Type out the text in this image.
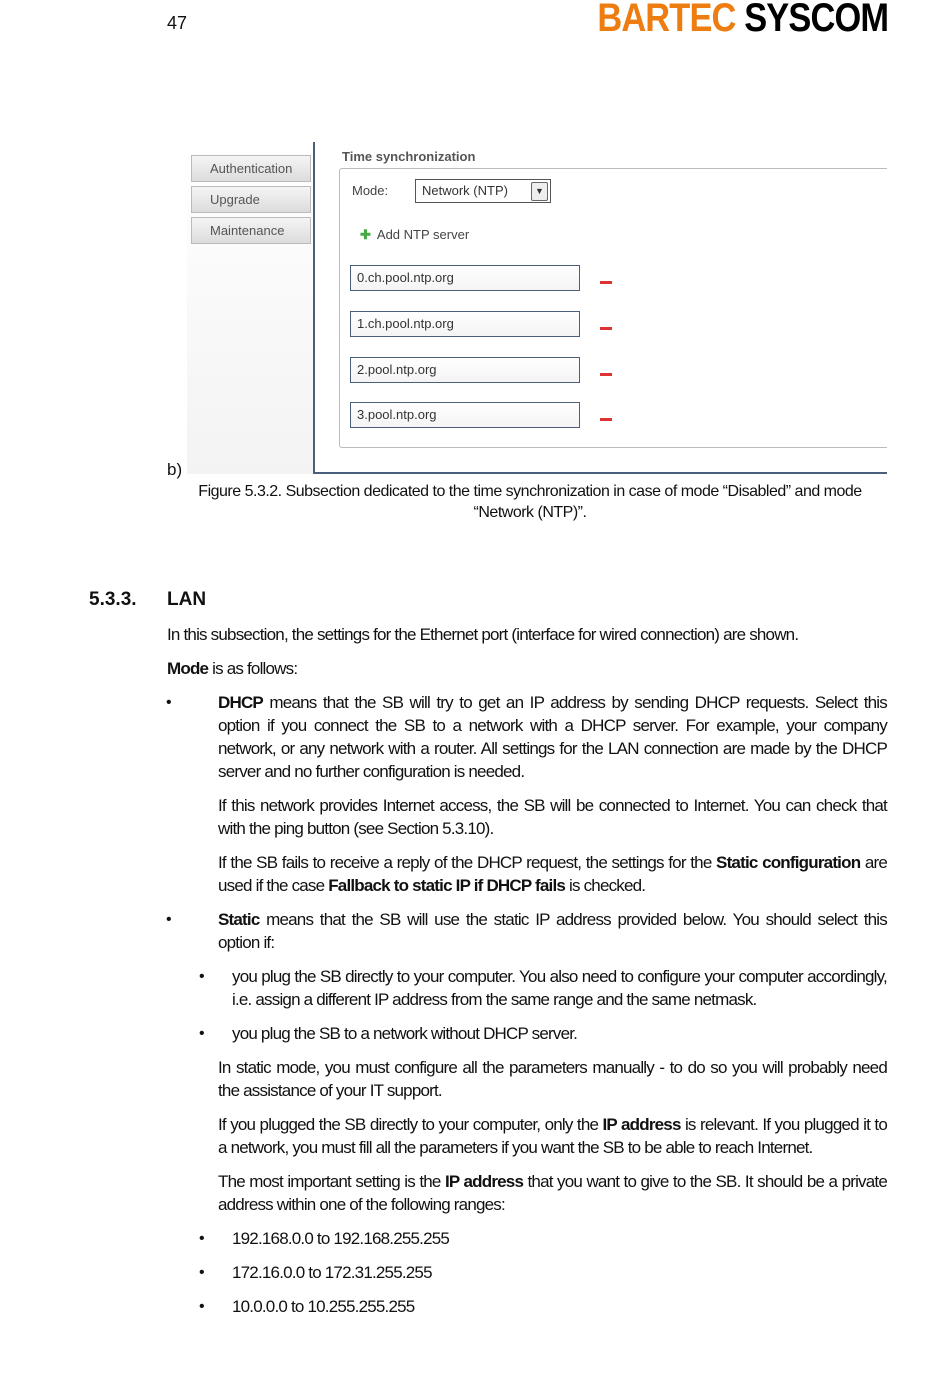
47	BARTEC SYSCOM
Authentication
Upgrade
Maintenance
Time synchronization
Mode:	Network (NTP)	▼
✚ Add NTP server
0.ch.pool.ntp.org
1.ch.pool.ntp.org
2.pool.ntp.org
3.pool.ntp.org
b)
Figure 5.3.2. Subsection dedicated to the time synchronization in case of mode “Disabled” and mode
“Network (NTP)”.
5.3.3. LAN

In this subsection, the settings for the Ethernet port (interface for wired connection) are shown.

Mode is as follows:

•	DHCP means that the SB will try to get an IP address by sending DHCP requests. Select this option if you connect the SB to a network with a DHCP server. For example, your company network, or any network with a router. All settings for the LAN connection are made by the DHCP server and no further configuration is needed.

If this network provides Internet access, the SB will be connected to Internet. You can check that with the ping button (see Section 5.3.10).

If the SB fails to receive a reply of the DHCP request, the settings for the Static configuration are used if the case Fallback to static IP if DHCP fails is checked.

•	Static means that the SB will use the static IP address provided below. You should select this option if:

• you plug the SB directly to your computer. You also need to configure your computer accordingly, i.e. assign a different IP address from the same range and the same netmask.

• you plug the SB to a network without DHCP server.

In static mode, you must configure all the parameters manually - to do so you will probably need the assistance of your IT support.

If you plugged the SB directly to your computer, only the IP address is relevant. If you plugged it to a network, you must fill all the parameters if you want the SB to be able to reach Internet.

The most important setting is the IP address that you want to give to the SB. It should be a private address within one of the following ranges:

• 192.168.0.0 to 192.168.255.255

• 172.16.0.0 to 172.31.255.255

• 10.0.0.0 to 10.255.255.255
